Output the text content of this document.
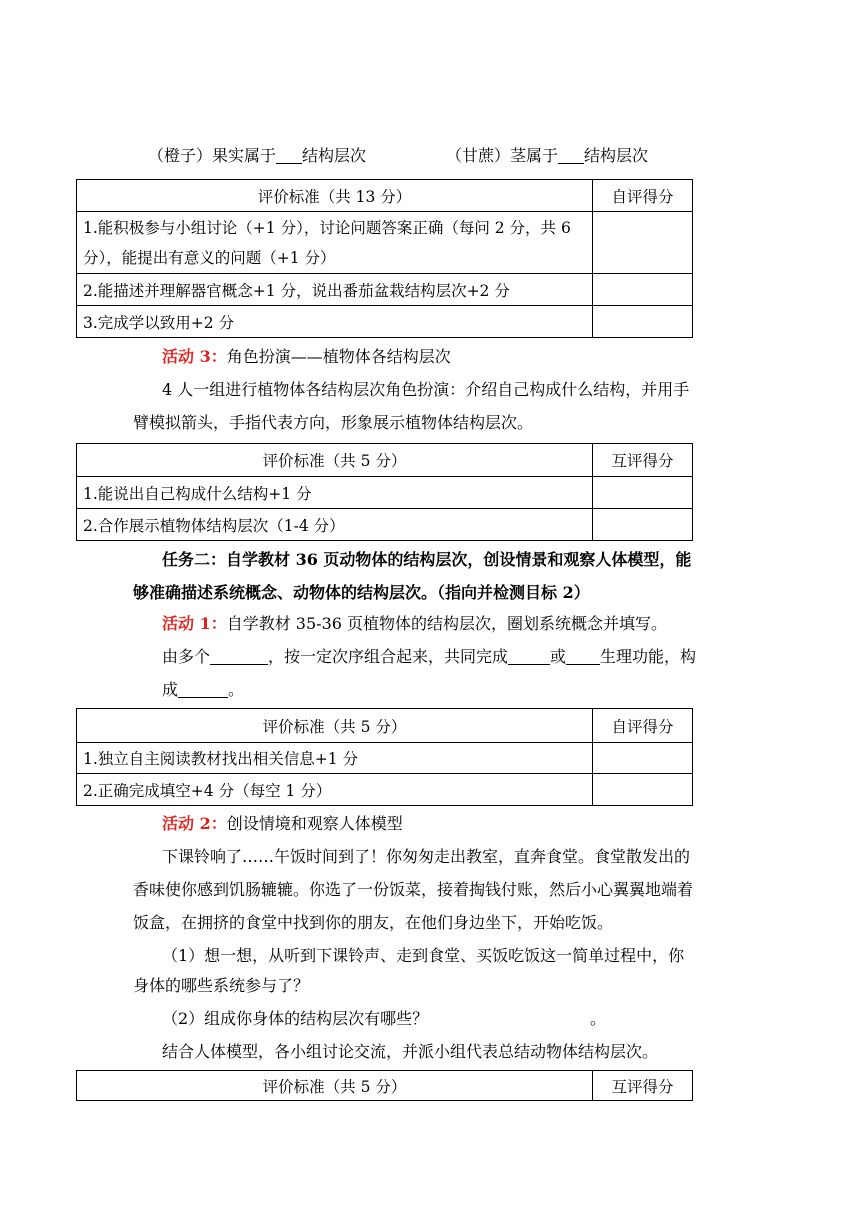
（橙子）果实属于 结构层次	（甘蔗）茎属于 结构层次
评价标准（共 13 分）	自评得分
1.能积极参与小组讨论（+1 分），讨论问题答案正确（每问 2 分，共 6 分），能提出有意义的问题（+1 分）	
2.能描述并理解器官概念+1 分，说出番茄盆栽结构层次+2 分	
3.完成学以致用+2 分	
活动 3：角色扮演——植物体各结构层次
4 人一组进行植物体各结构层次角色扮演：介绍自己构成什么结构，并用手
臂模拟箭头，手指代表方向，形象展示植物体结构层次。
评价标准（共 5 分）	互评得分
1.能说出自己构成什么结构+1 分	
2.合作展示植物体结构层次（1-4 分）	
任务二：自学教材 36 页动物体的结构层次，创设情景和观察人体模型，能
够准确描述系统概念、动物体的结构层次。（指向并检测目标 2）
活动 1：自学教材 35-36 页植物体的结构层次，圈划系统概念并填写。
由多个	，按一定次序组合起来，共同完成	或 生理功能，构
成	。
评价标准（共 5 分）	自评得分
1.独立自主阅读教材找出相关信息+1 分	
2.正确完成填空+4 分（每空 1 分）	
活动 2：创设情境和观察人体模型
下课铃响了……午饭时间到了！你匆匆走出教室，直奔食堂。食堂散发出的
香味使你感到饥肠辘辘。你选了一份饭菜，接着掏钱付账，然后小心翼翼地端着
饭盒，在拥挤的食堂中找到你的朋友，在他们身边坐下，开始吃饭。
（1）想一想，从听到下课铃声、走到食堂、买饭吃饭这一简单过程中，你
身体的哪些系统参与了？
（2）组成你身体的结构层次有哪些？	。
结合人体模型，各小组讨论交流，并派小组代表总结动物体结构层次。
评价标准（共 5 分）	互评得分
